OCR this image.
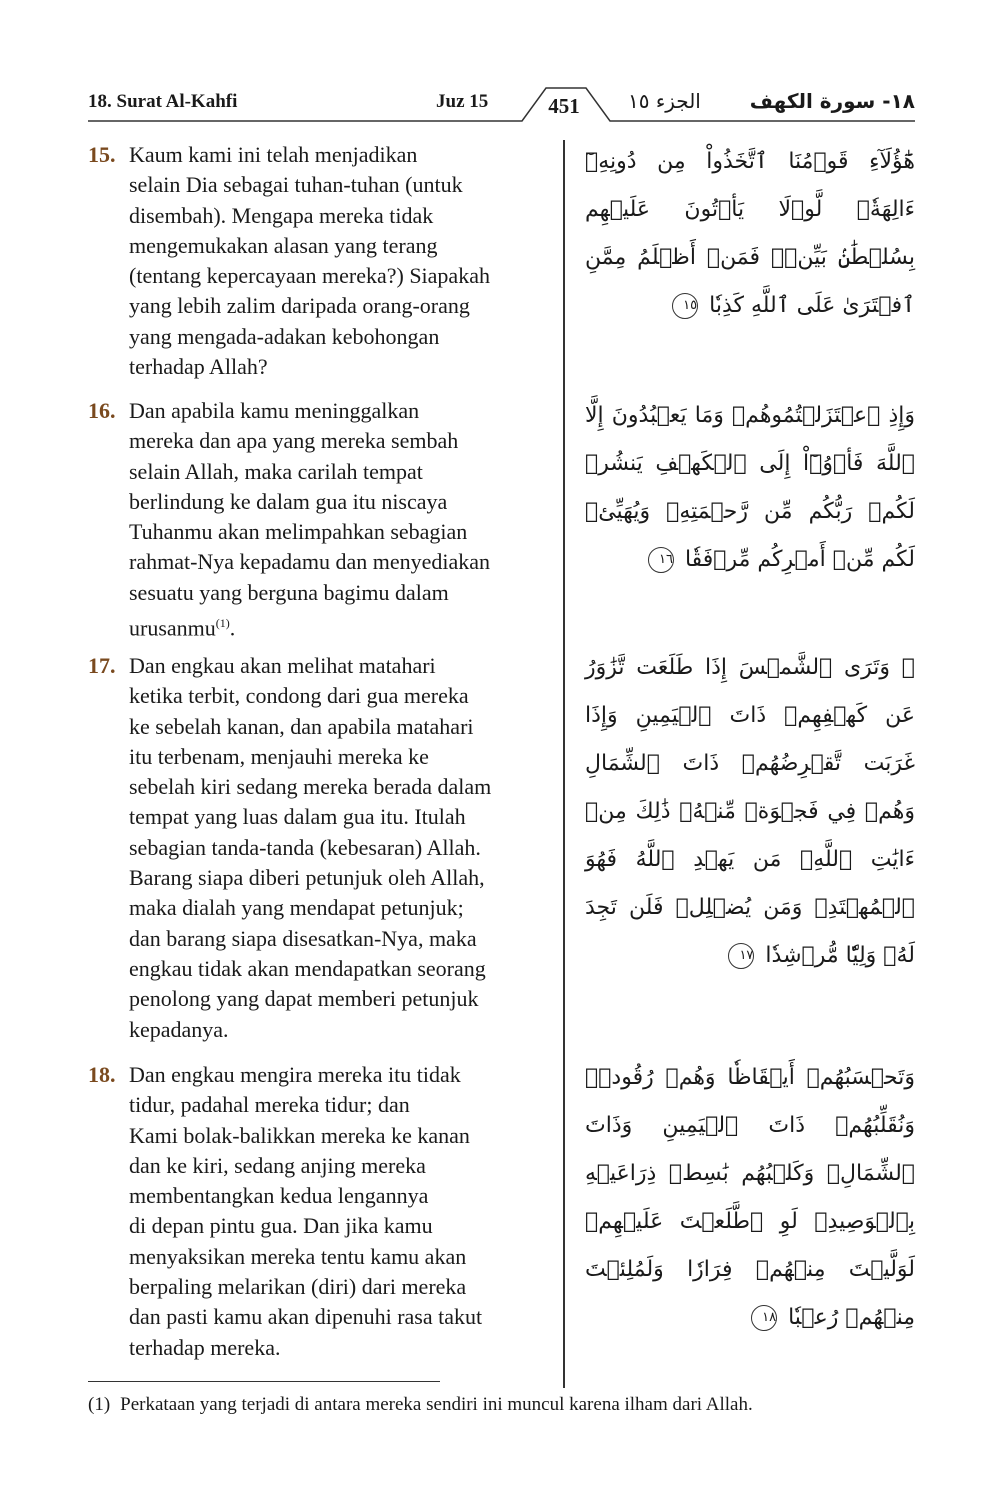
18. Surat Al-Kahfi	Juz 15	451	الجزء ١٥ ١٨- سورة الكهف
15. Kaum kami ini telah menjadikan
selain Dia sebagai tuhan-tuhan (untuk
disembah). Mengapa mereka tidak
mengemukakan alasan yang terang
(tentang kepercayaan mereka?) Siapakah
yang lebih zalim daripada orang-orang
yang mengada-adakan kebohongan
terhadap Allah?
هَٰٓؤُلَآءِ قَوۡمُنَا ٱتَّخَذُواْ مِن دُونِهِۦٓ ءَالِهَةٗۖ لَّوۡلَا يَأۡتُونَ عَلَيۡهِم بِسُلۡطَٰنِۢ بَيِّنٖۖ فَمَنۡ أَظۡلَمُ مِمَّنِ ٱفۡتَرَىٰ عَلَى ٱللَّهِ كَذِبٗا ١٥
16. Dan apabila kamu meninggalkan
mereka dan apa yang mereka sembah
selain Allah, maka carilah tempat
berlindung ke dalam gua itu niscaya
Tuhanmu akan melimpahkan sebagian
rahmat-Nya kepadamu dan menyediakan
sesuatu yang berguna bagimu dalam
urusanmu$^{(1)}$.
وَإِذِ ٱعۡتَزَلۡتُمُوهُمۡ وَمَا يَعۡبُدُونَ إِلَّا ٱللَّهَ فَأۡوُۥٓاْ إِلَى ٱلۡكَهۡفِ يَنشُرۡ لَكُمۡ رَبُّكُم مِّن رَّحۡمَتِهِۦ وَيُهَيِّئۡ لَكُم مِّنۡ أَمۡرِكُم مِّرۡفَقٗا ١٦
17. Dan engkau akan melihat matahari
ketika terbit, condong dari gua mereka
ke sebelah kanan, dan apabila matahari
itu terbenam, menjauhi mereka ke
sebelah kiri sedang mereka berada dalam
tempat yang luas dalam gua itu. Itulah
sebagian tanda-tanda (kebesaran) Allah.
Barang siapa diberi petunjuk oleh Allah,
maka dialah yang mendapat petunjuk;
dan barang siapa disesatkan-Nya, maka
engkau tidak akan mendapatkan seorang
penolong yang dapat memberi petunjuk
kepadanya.
۞ وَتَرَى ٱلشَّمۡسَ إِذَا طَلَعَت تَّزَٰوَرُ عَن كَهۡفِهِمۡ ذَاتَ ٱلۡيَمِينِ وَإِذَا غَرَبَت تَّقۡرِضُهُمۡ ذَاتَ ٱلشِّمَالِ وَهُمۡ فِي فَجۡوَةٖ مِّنۡهُۚ ذَٰلِكَ مِنۡ ءَايَٰتِ ٱللَّهِۗ مَن يَهۡدِ ٱللَّهُ فَهُوَ ٱلۡمُهۡتَدِۖ وَمَن يُضۡلِلۡ فَلَن تَجِدَ لَهُۥ وَلِيّٗا مُّرۡشِدٗا ١٧
18. Dan engkau mengira mereka itu tidak
tidur, padahal mereka tidur; dan
Kami bolak-balikkan mereka ke kanan
dan ke kiri, sedang anjing mereka
membentangkan kedua lengannya
di depan pintu gua. Dan jika kamu
menyaksikan mereka tentu kamu akan
berpaling melarikan (diri) dari mereka
dan pasti kamu akan dipenuhi rasa takut
terhadap mereka.
وَتَحۡسَبُهُمۡ أَيۡقَاظٗا وَهُمۡ رُقُودٞۚ وَنُقَلِّبُهُمۡ ذَاتَ ٱلۡيَمِينِ وَذَاتَ ٱلشِّمَالِۖ وَكَلۡبُهُم بَٰسِطٞ ذِرَاعَيۡهِ بِٱلۡوَصِيدِۚ لَوِ ٱطَّلَعۡتَ عَلَيۡهِمۡ لَوَلَّيۡتَ مِنۡهُمۡ فِرَارٗا وَلَمُلِئۡتَ مِنۡهُمۡ رُعۡبٗا ١٨
(1) Perkataan yang terjadi di antara mereka sendiri ini muncul karena ilham dari Allah.
